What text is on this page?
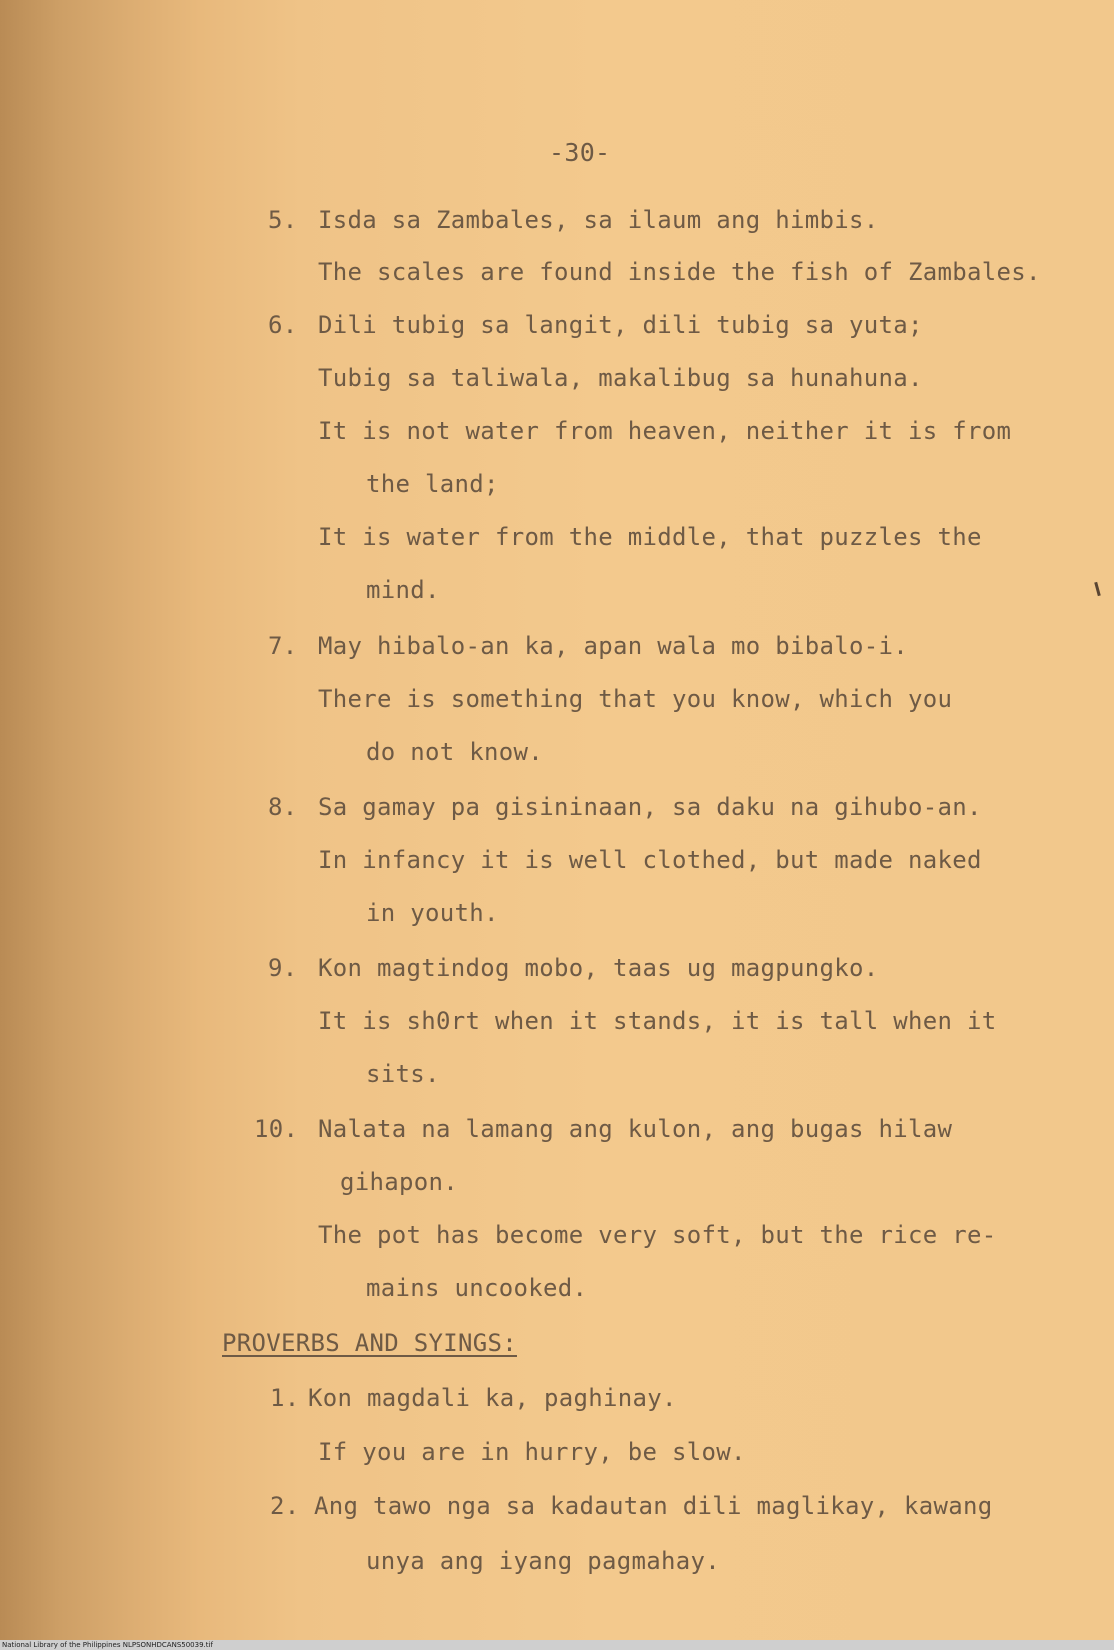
-30-
5. Isda sa Zambales, sa ilaum ang himbis.
The scales are found inside the fish of Zambales.
6. Dili tubig sa langit, dili tubig sa yuta;
Tubig sa taliwala, makalibug sa hunahuna.
It is not water from heaven, neither it is from
the land;
It is water from the middle, that puzzles the
mind.
7. May hibalo-an ka, apan wala mo bibalo-i.
There is something that you know, which you
do not know.
8. Sa gamay pa gisininaan, sa daku na gihubo-an.
In infancy it is well clothed, but made naked
in youth.
9. Kon magtindog mobo, taas ug magpungko.
It is sh0rt when it stands, it is tall when it
sits.
10. Nalata na lamang ang kulon, ang bugas hilaw
gihapon.
The pot has become very soft, but the rice re-
mains uncooked.
PROVERBS AND SYINGS:
1. Kon magdali ka, paghinay.
If you are in hurry, be slow.
2. Ang tawo nga sa kadautan dili maglikay, kawang
unya ang iyang pagmahay.
National Library of the Philippines NLPSONHDCANS50039.tif
